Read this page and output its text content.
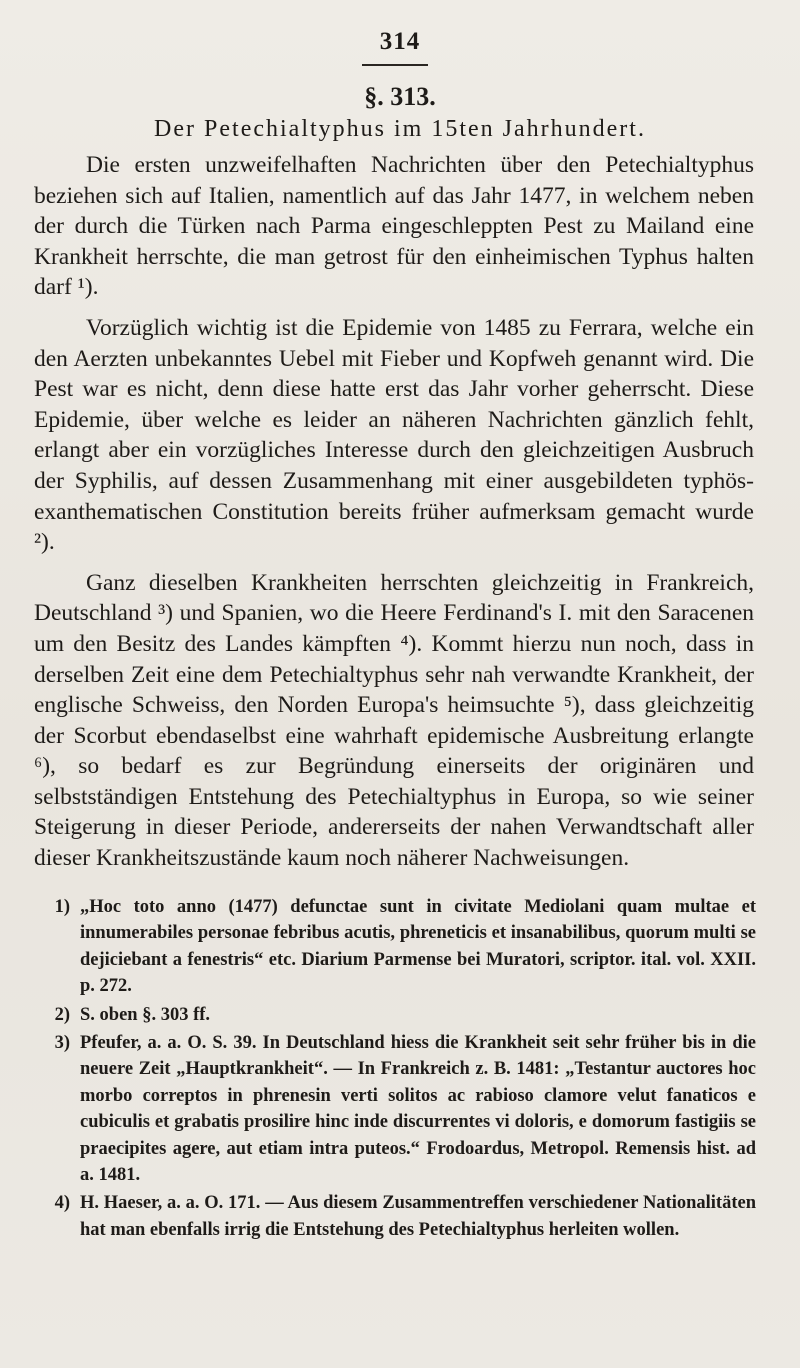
314
§. 313.
Der Petechialtyphus im 15ten Jahrhundert.

Die ersten unzweifelhaften Nachrichten über den Petechialtyphus beziehen sich auf Italien, namentlich auf das Jahr 1477, in welchem neben der durch die Türken nach Parma eingeschleppten Pest zu Mailand eine Krankheit herrschte, die man getrost für den einheimischen Typhus halten darf ¹).

Vorzüglich wichtig ist die Epidemie von 1485 zu Ferrara, welche ein den Aerzten unbekanntes Uebel mit Fieber und Kopfweh genannt wird. Die Pest war es nicht, denn diese hatte erst das Jahr vorher geherrscht. Diese Epidemie, über welche es leider an näheren Nachrichten gänzlich fehlt, erlangt aber ein vorzügliches Interesse durch den gleichzeitigen Ausbruch der Syphilis, auf dessen Zusammenhang mit einer ausgebildeten typhös-exanthematischen Constitution bereits früher aufmerksam gemacht wurde ²).

Ganz dieselben Krankheiten herrschten gleichzeitig in Frankreich, Deutschland ³) und Spanien, wo die Heere Ferdinand's I. mit den Saracenen um den Besitz des Landes kämpften ⁴). Kommt hierzu nun noch, dass in derselben Zeit eine dem Petechialtyphus sehr nah verwandte Krankheit, der englische Schweiss, den Norden Europa's heimsuchte ⁵), dass gleichzeitig der Scorbut ebendaselbst eine wahrhaft epidemische Ausbreitung erlangte ⁶), so bedarf es zur Begründung einerseits der originären und selbstständigen Entstehung des Petechialtyphus in Europa, so wie seiner Steigerung in dieser Periode, andererseits der nahen Verwandtschaft aller dieser Krankheitszustände kaum noch näherer Nachweisungen.

1) „Hoc toto anno (1477) defunctae sunt in civitate Mediolani quam multae et innumerabiles personae febribus acutis, phreneticis et insanabilibus, quorum multi se dejiciebant a fenestris“ etc. Diarium Parmense bei Muratori, scriptor. ital. vol. XXII. p. 272.
2) S. oben §. 303 ff.
3) Pfeufer, a. a. O. S. 39. In Deutschland hiess die Krankheit seit sehr früher bis in die neuere Zeit „Hauptkrankheit“. — In Frankreich z. B. 1481: „Testantur auctores hoc morbo correptos in phrenesin verti solitos ac rabioso clamore velut fanaticos e cubiculis et grabatis prosilire hinc inde discurrentes vi doloris, e domorum fastigiis se praecipites agere, aut etiam intra puteos.“ Frodoardus, Metropol. Remensis hist. ad a. 1481.
4) H. Haeser, a. a. O. 171. — Aus diesem Zusammentreffen verschiedener Nationalitäten hat man ebenfalls irrig die Entstehung des Petechialtyphus herleiten wollen.
